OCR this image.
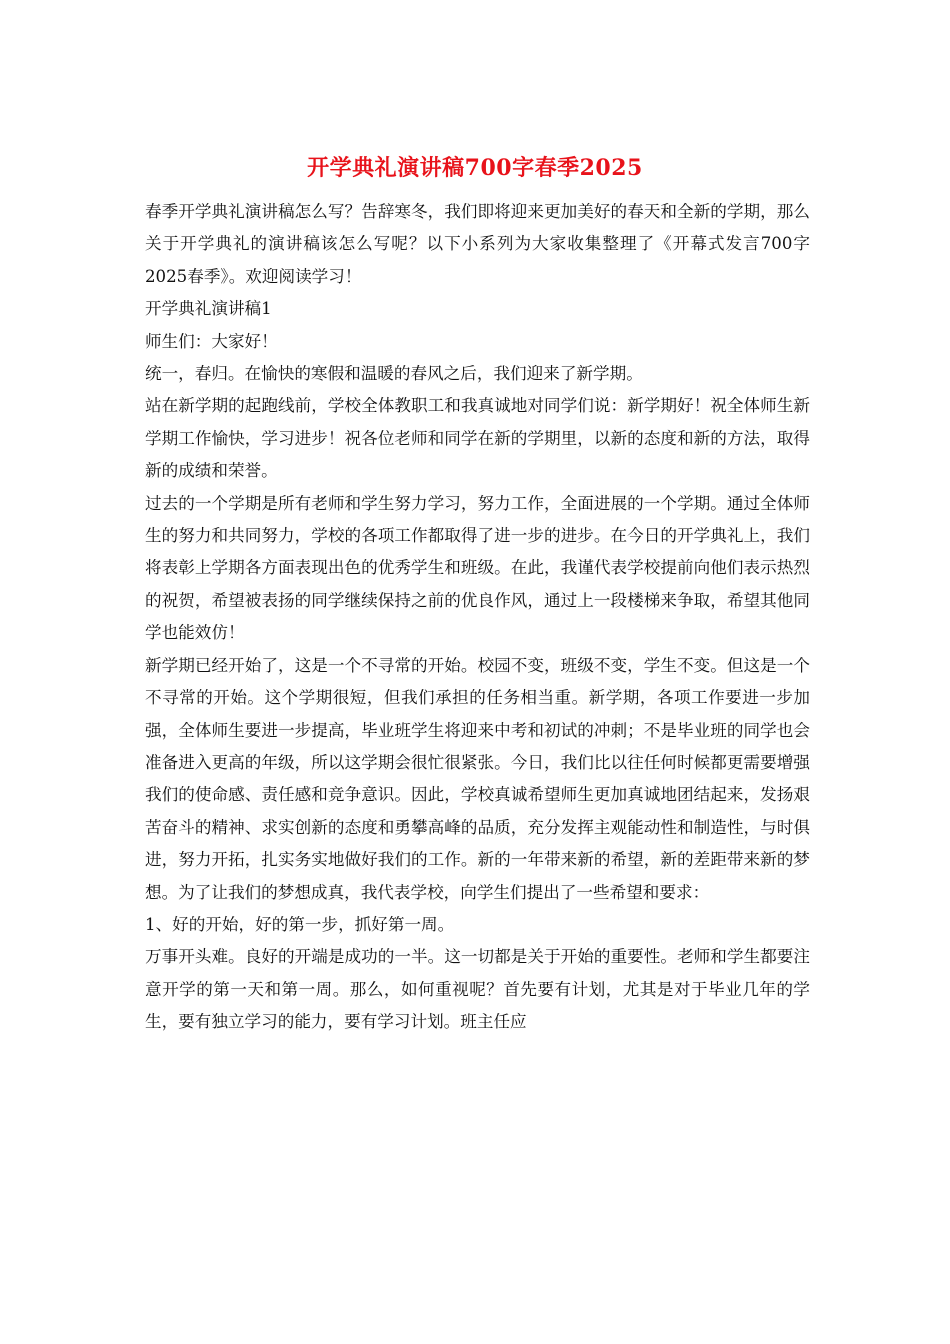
开学典礼演讲稿700字春季2025

春季开学典礼演讲稿怎么写？告辞寒冬，我们即将迎来更加美好的春天和全新的学期，那么关于开学典礼的演讲稿该怎么写呢？以下小系列为大家收集整理了《开幕式发言700字2025春季》。欢迎阅读学习！

开学典礼演讲稿1

师生们：大家好！

统一，春归。在愉快的寒假和温暖的春风之后，我们迎来了新学期。

站在新学期的起跑线前，学校全体教职工和我真诚地对同学们说：新学期好！祝全体师生新学期工作愉快，学习进步！祝各位老师和同学在新的学期里，以新的态度和新的方法，取得新的成绩和荣誉。

过去的一个学期是所有老师和学生努力学习，努力工作，全面进展的一个学期。通过全体师生的努力和共同努力，学校的各项工作都取得了进一步的进步。在今日的开学典礼上，我们将表彰上学期各方面表现出色的优秀学生和班级。在此，我谨代表学校提前向他们表示热烈的祝贺，希望被表扬的同学继续保持之前的优良作风，通过上一段楼梯来争取，希望其他同学也能效仿！

新学期已经开始了，这是一个不寻常的开始。校园不变，班级不变，学生不变。但这是一个不寻常的开始。这个学期很短，但我们承担的任务相当重。新学期，各项工作要进一步加强，全体师生要进一步提高，毕业班学生将迎来中考和初试的冲刺；不是毕业班的同学也会准备进入更高的年级，所以这学期会很忙很紧张。今日，我们比以往任何时候都更需要增强我们的使命感、责任感和竞争意识。因此，学校真诚希望师生更加真诚地团结起来，发扬艰苦奋斗的精神、求实创新的态度和勇攀高峰的品质，充分发挥主观能动性和制造性，与时俱进，努力开拓，扎实务实地做好我们的工作。新的一年带来新的希望，新的差距带来新的梦想。为了让我们的梦想成真，我代表学校，向学生们提出了一些希望和要求：

1、好的开始，好的第一步，抓好第一周。

万事开头难。良好的开端是成功的一半。这一切都是关于开始的重要性。老师和学生都要注意开学的第一天和第一周。那么，如何重视呢？首先要有计划，尤其是对于毕业几年的学生，要有独立学习的能力，要有学习计划。班主任应
